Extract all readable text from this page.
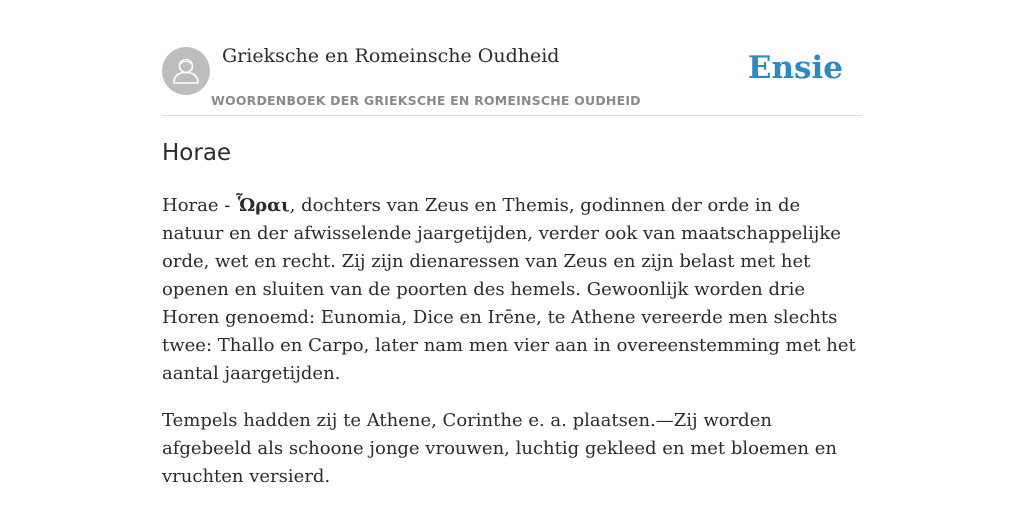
Grieksche en Romeinsche Oudheid
WOORDENBOEK DER GRIEKSCHE EN ROMEINSCHE OUDHEID
Ensie
Horae

Horae - Ὧραι, dochters van Zeus en Themis, godinnen der orde in de natuur en der afwisselende jaargetijden, verder ook van maatschappelijke orde, wet en recht. Zij zijn dienaressen van Zeus en zijn belast met het openen en sluiten van de poorten des hemels. Gewoonlijk worden drie Horen genoemd: Eunomia, Dice en Irēne, te Athene vereerde men slechts twee: Thallo en Carpo, later nam men vier aan in overeenstemming met het aantal jaargetijden.

Tempels hadden zij te Athene, Corinthe e. a. plaatsen.—Zij worden afgebeeld als schoone jonge vrouwen, luchtig gekleed en met bloemen en vruchten versierd.
